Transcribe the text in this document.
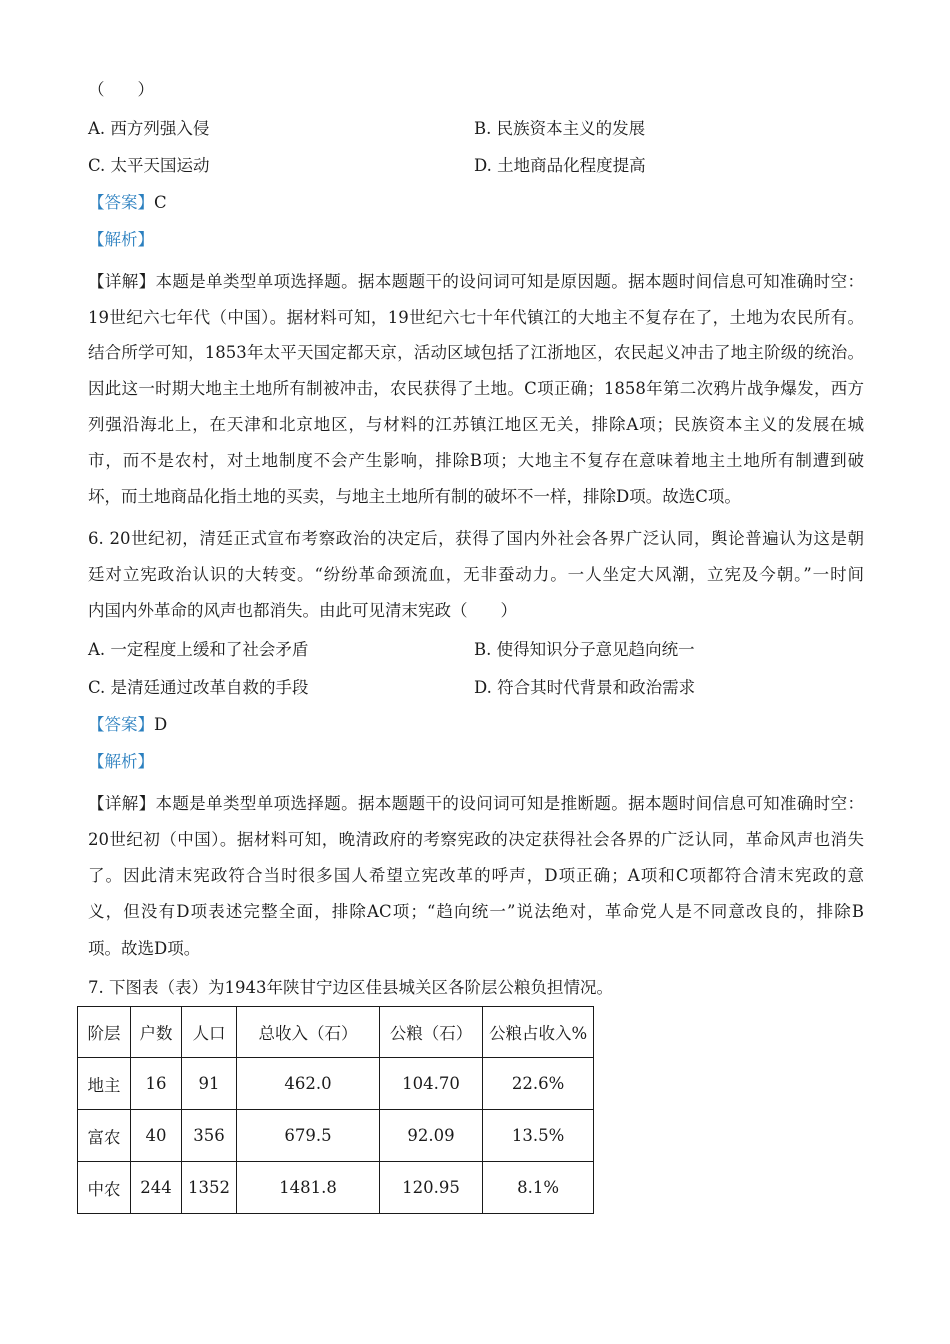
（　　）
A. 西方列强入侵	B. 民族资本主义的发展
C. 太平天国运动	D. 土地商品化程度提高
【答案】C
【解析】
【详解】本题是单类型单项选择题。据本题题干的设问词可知是原因题。据本题时间信息可知准确时空：
19世纪六七年代（中国）。据材料可知，19世纪六七十年代镇江的大地主不复存在了，土地为农民所有。
结合所学可知，1853年太平天国定都天京，活动区域包括了江浙地区，农民起义冲击了地主阶级的统治。
因此这一时期大地主土地所有制被冲击，农民获得了土地。C项正确；1858年第二次鸦片战争爆发，西方
列强沿海北上，在天津和北京地区，与材料的江苏镇江地区无关，排除A项；民族资本主义的发展在城
市，而不是农村，对土地制度不会产生影响，排除B项；大地主不复存在意味着地主土地所有制遭到破
坏，而土地商品化指土地的买卖，与地主土地所有制的破坏不一样，排除D项。故选C项。
6. 20世纪初，清廷正式宣布考察政治的决定后，获得了国内外社会各界广泛认同，舆论普遍认为这是朝
廷对立宪政治认识的大转变。“纷纷革命颈流血，无非蚕动力。一人坐定大风潮，立宪及今朝。”一时间
内国内外革命的风声也都消失。由此可见清末宪政（　　）
A. 一定程度上缓和了社会矛盾	B. 使得知识分子意见趋向统一
C. 是清廷通过改革自救的手段	D. 符合其时代背景和政治需求
【答案】D
【解析】
【详解】本题是单类型单项选择题。据本题题干的设问词可知是推断题。据本题时间信息可知准确时空：
20世纪初（中国）。据材料可知，晚清政府的考察宪政的决定获得社会各界的广泛认同，革命风声也消失
了。因此清末宪政符合当时很多国人希望立宪改革的呼声，D项正确；A项和C项都符合清末宪政的意
义，但没有D项表述完整全面，排除AC项；“趋向统一”说法绝对，革命党人是不同意改良的，排除B
项。故选D项。
7. 下图表（表）为1943年陕甘宁边区佳县城关区各阶层公粮负担情况。
阶层	户数	人口	总收入（石）	公粮（石）	公粮占收入%
地主	16	91	462.0	104.70	22.6%
富农	40	356	679.5	92.09	13.5%
中农	244	1352	1481.8	120.95	8.1%
